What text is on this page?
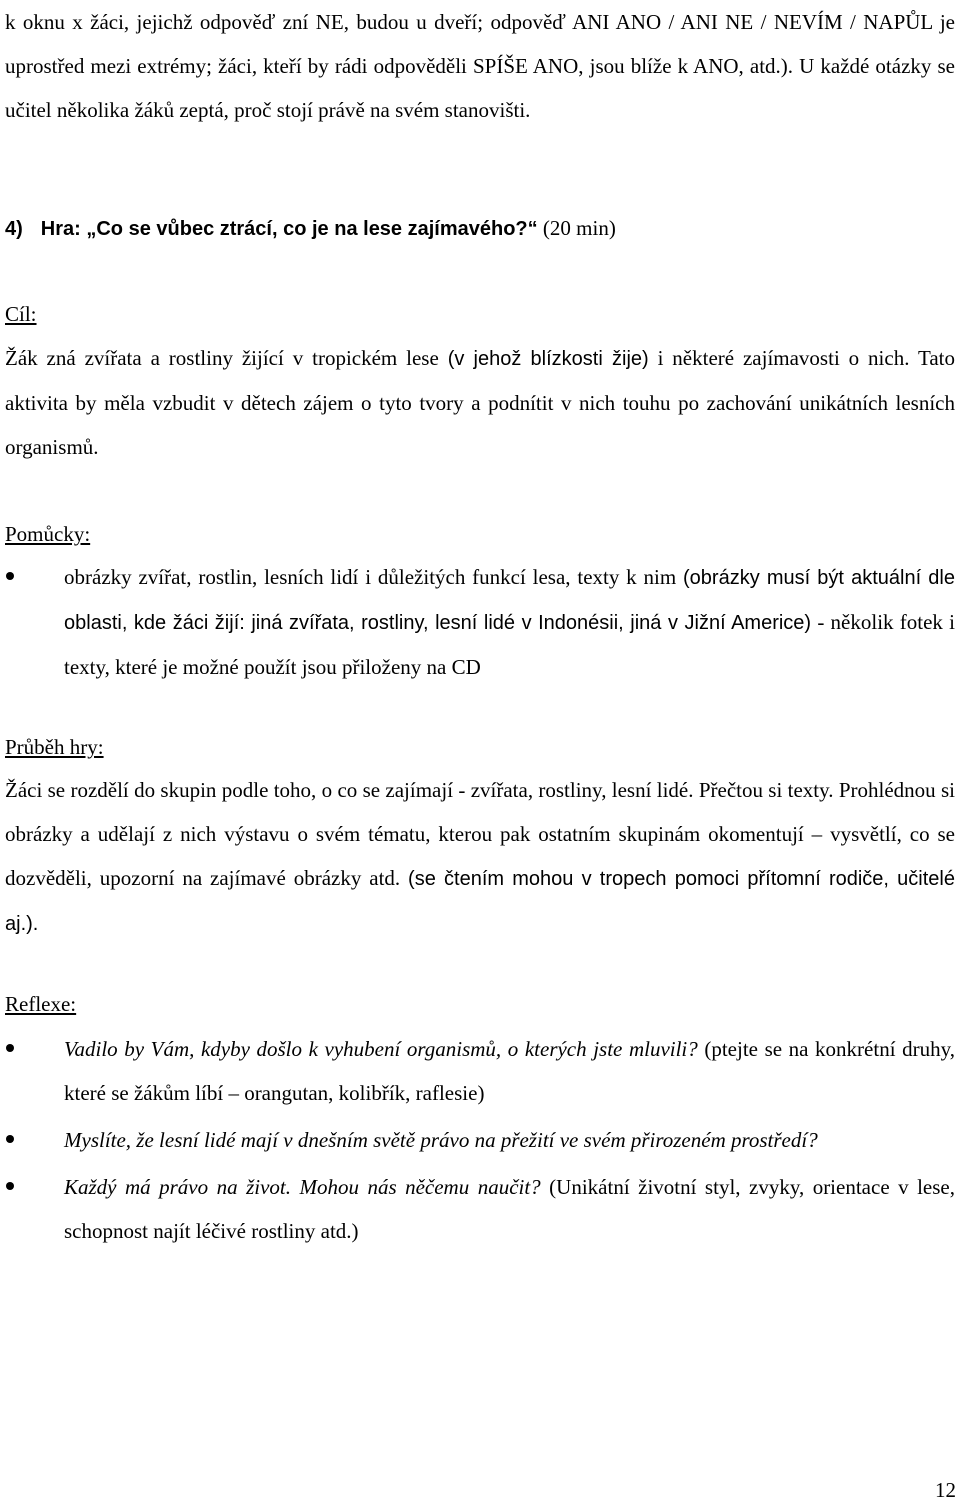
k oknu x žáci, jejichž odpověď zní NE, budou u dveří; odpověď ANI ANO / ANI NE / NEVÍM / NAPŮL je uprostřed mezi extrémy; žáci, kteří by rádi odpověděli SPÍŠE ANO, jsou blíže k ANO, atd.). U každé otázky se učitel několika žáků zeptá, proč stojí právě na svém stanovišti.

4) Hra: „Co se vůbec ztrácí, co je na lese zajímavého?“ (20 min)
Cíl:

Žák zná zvířata a rostliny žijící v tropickém lese (v jehož blízkosti žije) i některé zajímavosti o nich. Tato aktivita by měla vzbudit v dětech zájem o tyto tvory a podnítit v nich touhu po zachování unikátních lesních organismů.

Pomůcky:
obrázky zvířat, rostlin, lesních lidí i důležitých funkcí lesa, texty k nim (obrázky musí být aktuální dle oblasti, kde žáci žijí: jiná zvířata, rostliny, lesní lidé v Indonésii, jiná v Jižní Americe) - několik fotek i texty, které je možné použít jsou přiloženy na CD
Průběh hry:

Žáci se rozdělí do skupin podle toho, o co se zajímají - zvířata, rostliny, lesní lidé. Přečtou si texty. Prohlédnou si obrázky a udělají z nich výstavu o svém tématu, kterou pak ostatním skupinám okomentují – vysvětlí, co se dozvěděli, upozorní na zajímavé obrázky atd. (se čtením mohou v tropech pomoci přítomní rodiče, učitelé aj.).

Reflexe:
Vadilo by Vám, kdyby došlo k vyhubení organismů, o kterých jste mluvili? (ptejte se na konkrétní druhy, které se žákům líbí – orangutan, kolibřík, raflesie)
Myslíte, že lesní lidé mají v dnešním světě právo na přežití ve svém přirozeném prostředí?
Každý má právo na život. Mohou nás něčemu naučit? (Unikátní životní styl, zvyky, orientace v lese, schopnost najít léčivé rostliny atd.)
12
